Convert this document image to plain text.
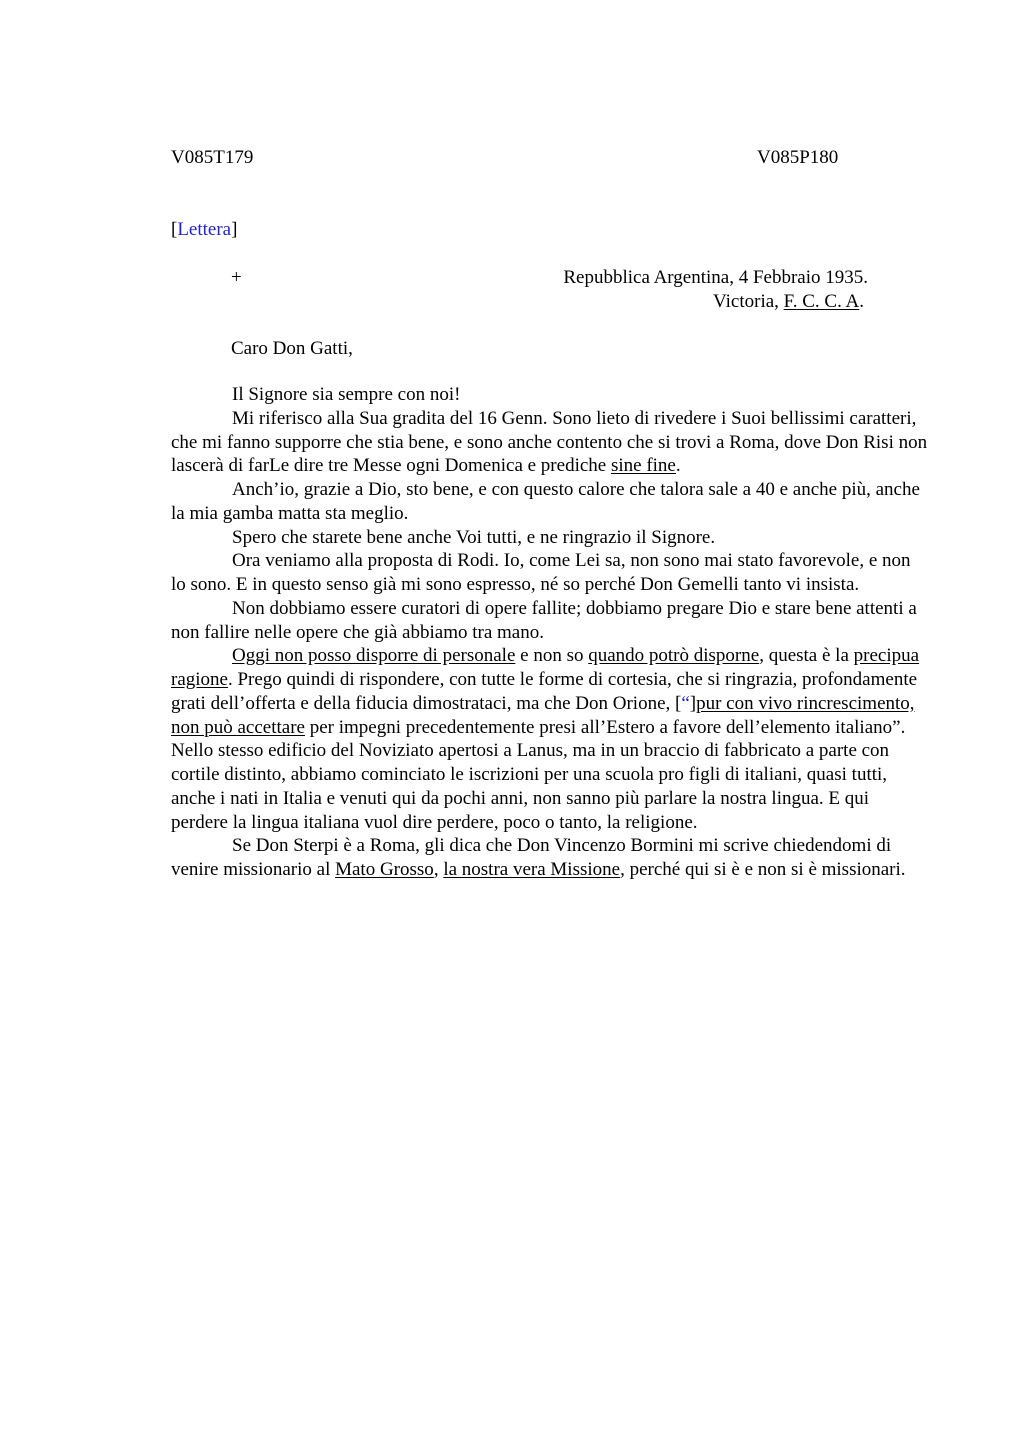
V085T179	V085P180
[Lettera]
+	Repubblica Argentina, 4 Febbraio 1935.
Victoria, F. C. C. A.
Caro Don Gatti,

Il Signore sia sempre con noi!

Mi riferisco alla Sua gradita del 16 Genn. Sono lieto di rivedere i Suoi bellissimi caratteri, che mi fanno supporre che stia bene, e sono anche contento che si trovi a Roma, dove Don Risi non lascerà di farLe dire tre Messe ogni Domenica e prediche sine fine.

Anch’io, grazie a Dio, sto bene, e con questo calore che talora sale a 40 e anche più, anche la mia gamba matta sta meglio.

Spero che starete bene anche Voi tutti, e ne ringrazio il Signore.

Ora veniamo alla proposta di Rodi. Io, come Lei sa, non sono mai stato favorevole, e non lo sono. E in questo senso già mi sono espresso, né so perché Don Gemelli tanto vi insista.

Non dobbiamo essere curatori di opere fallite; dobbiamo pregare Dio e stare bene attenti a non fallire nelle opere che già abbiamo tra mano.

Oggi non posso disporre di personale e non so quando potrò disporne, questa è la precipua ragione. Prego quindi di rispondere, con tutte le forme di cortesia, che si ringrazia, profondamente grati dell’offerta e della fiducia dimostrataci, ma che Don Orione, [“]pur con vivo rincrescimento, non può accettare per impegni precedentemente presi all’Estero a favore dell’elemento italiano”. Nello stesso edificio del Noviziato apertosi a Lanus, ma in un braccio di fabbricato a parte con cortile distinto, abbiamo cominciato le iscrizioni per una scuola pro figli di italiani, quasi tutti, anche i nati in Italia e venuti qui da pochi anni, non sanno più parlare la nostra lingua. E qui perdere la lingua italiana vuol dire perdere, poco o tanto, la religione.

Se Don Sterpi è a Roma, gli dica che Don Vincenzo Bormini mi scrive chiedendomi di venire missionario al Mato Grosso, la nostra vera Missione, perché qui si è e non si è missionari.
